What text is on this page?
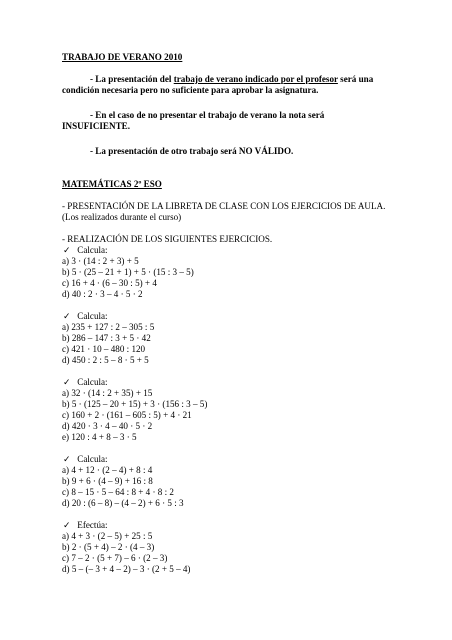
TRABAJO DE VERANO 2010

- La presentación del trabajo de verano indicado por el profesor será una condición necesaria pero no suficiente para aprobar la asignatura.

- En el caso de no presentar el trabajo de verano la nota será INSUFICIENTE.

- La presentación de otro trabajo será NO VÁLIDO.

MATEMÁTICAS 2º ESO

- PRESENTACIÓN DE LA LIBRETA DE CLASE CON LOS EJERCICIOS DE AULA. (Los realizados durante el curso)

- REALIZACIÓN DE LOS SIGUIENTES EJERCICIOS.

✓ Calcula:

a) 3 · (14 : 2 + 3) + 5

b) 5 · (25 – 21 + 1) + 5 · (15 : 3 – 5)

c) 16 + 4 · (6 – 30 : 5) + 4

d) 40 : 2 · 3 – 4 · 5 · 2

✓ Calcula:

a) 235 + 127 : 2 – 305 : 5

b) 286 – 147 : 3 + 5 · 42

c) 421 · 10 – 480 : 120

d) 450 : 2 : 5 – 8 · 5 + 5

✓ Calcula:

a) 32 · (14 : 2 + 35) + 15

b) 5 · (125 – 20 + 15) + 3 · (156 : 3 – 5)

c) 160 + 2 · (161 – 605 : 5) + 4 · 21

d) 420 · 3 · 4 – 40 · 5 · 2

e) 120 : 4 + 8 – 3 · 5

✓ Calcula:

a) 4 + 12 · (2 – 4) + 8 : 4

b) 9 + 6 · (4 – 9) + 16 : 8

c) 8 – 15 · 5 – 64 : 8 + 4 · 8 : 2

d) 20 : (6 – 8) – (4 – 2) + 6 · 5 : 3

✓ Efectúa:

a) 4 + 3 · (2 – 5) + 25 : 5

b) 2 · (5 + 4) – 2 · (4 – 3)

c) 7 – 2 · (5 + 7) – 6 · (2 – 3)

d) 5 – (– 3 + 4 – 2) – 3 · (2 + 5 – 4)
